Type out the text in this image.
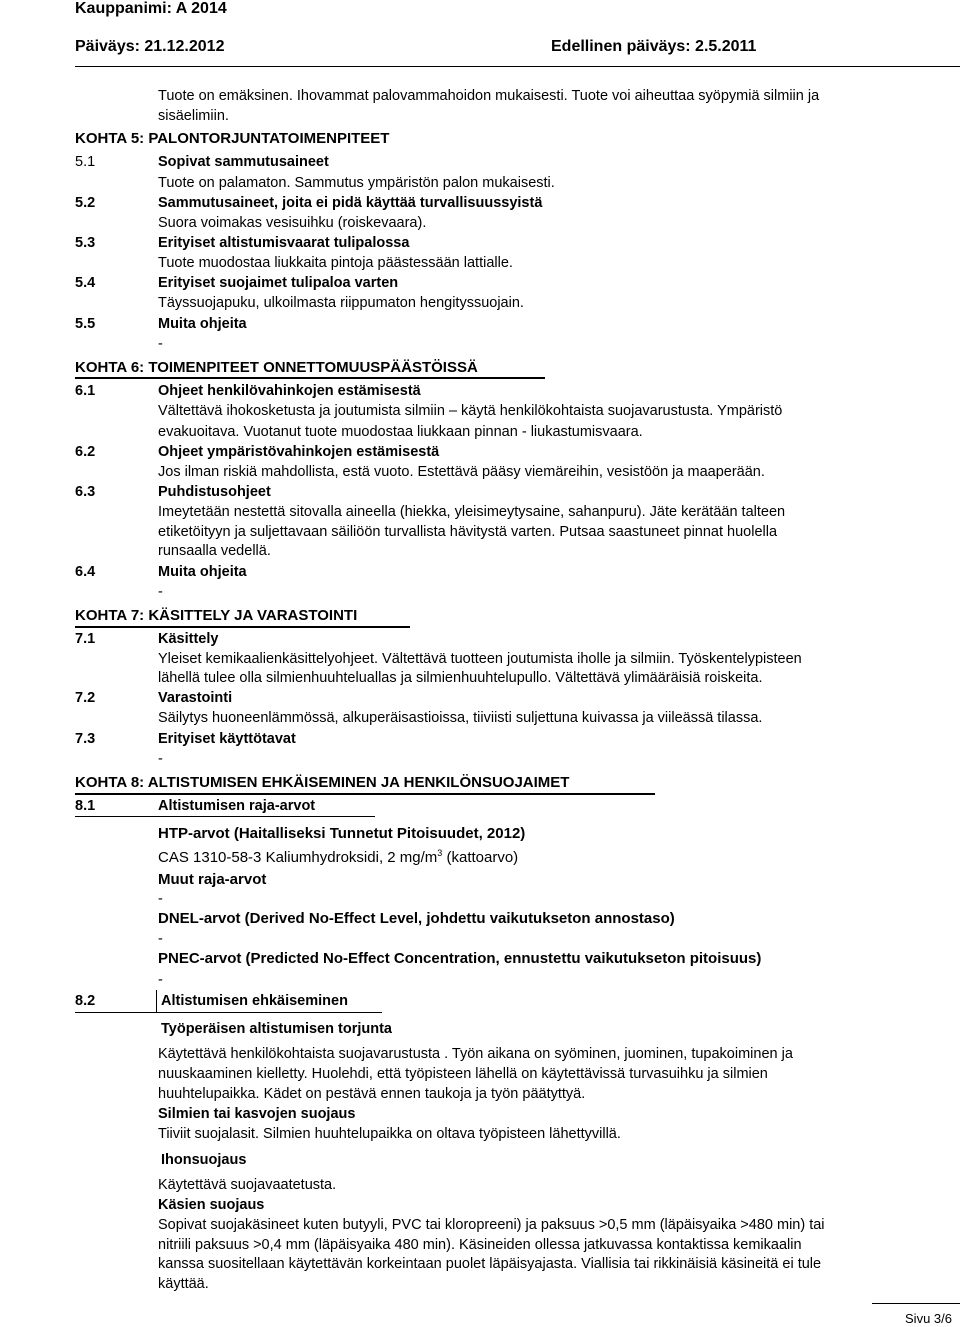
Kauppanimi: A 2014
Päiväys: 21.12.2012	Edellinen päiväys: 2.5.2011
Tuote on emäksinen. Ihovammat palovammahoidon mukaisesti. Tuote voi aiheuttaa syöpymiä silmiin ja
sisäelimiin.
KOHTA 5: PALONTORJUNTATOIMENPITEET
5.1	Sopivat sammutusaineet
Tuote on palamaton. Sammutus ympäristön palon mukaisesti.
5.2	Sammutusaineet, joita ei pidä käyttää turvallisuussyistä
Suora voimakas vesisuihku (roiskevaara).
5.3	Erityiset altistumisvaarat tulipalossa
Tuote muodostaa liukkaita pintoja päästessään lattialle.
5.4	Erityiset suojaimet tulipaloa varten
Täyssuojapuku, ulkoilmasta riippumaton hengityssuojain.
5.5	Muita ohjeita
-
KOHTA 6: TOIMENPITEET ONNETTOMUUSPÄÄSTÖISSÄ
6.1	Ohjeet henkilövahinkojen estämisestä
Vältettävä ihokosketusta ja joutumista silmiin – käytä henkilökohtaista suojavarustusta. Ympäristö
evakuoitava. Vuotanut tuote muodostaa liukkaan pinnan - liukastumisvaara.
6.2	Ohjeet ympäristövahinkojen estämisestä
Jos ilman riskiä mahdollista, estä vuoto. Estettävä pääsy viemäreihin, vesistöön ja maaperään.
6.3	Puhdistusohjeet
Imeytetään nestettä sitovalla aineella (hiekka, yleisimeytysaine, sahanpuru). Jäte kerätään talteen
etiketöityyn ja suljettavaan säiliöön turvallista hävitystä varten. Putsaa saastuneet pinnat huolella
runsaalla vedellä.
6.4	Muita ohjeita
-
KOHTA 7: KÄSITTELY JA VARASTOINTI
7.1	Käsittely
Yleiset kemikaalienkäsittelyohjeet. Vältettävä tuotteen joutumista iholle ja silmiin. Työskentelypisteen
lähellä tulee olla silmienhuuhteluallas ja silmienhuuhtelupullo. Vältettävä ylimääräisiä roiskeita.
7.2	Varastointi
Säilytys huoneenlämmössä, alkuperäisastioissa, tiiviisti suljettuna kuivassa ja viileässä tilassa.
7.3	Erityiset käyttötavat
-
KOHTA 8: ALTISTUMISEN EHKÄISEMINEN JA HENKILÖNSUOJAIMET
8.1	Altistumisen raja-arvot
HTP-arvot (Haitalliseksi Tunnetut Pitoisuudet, 2012)
CAS 1310-58-3 Kaliumhydroksidi, 2 $mg/m^3$ (kattoarvo)
Muut raja-arvot
-
DNEL-arvot (Derived No-Effect Level, johdettu vaikutukseton annostaso)
-
PNEC-arvot (Predicted No-Effect Concentration, ennustettu vaikutukseton pitoisuus)
-
8.2	Altistumisen ehkäiseminen
Työperäisen altistumisen torjunta
Käytettävä henkilökohtaista suojavarustusta . Työn aikana on syöminen, juominen, tupakoiminen ja
nuuskaaminen kielletty. Huolehdi, että työpisteen lähellä on käytettävissä turvasuihku ja silmien
huuhtelupaikka. Kädet on pestävä ennen taukoja ja työn päätyttyä.
Silmien tai kasvojen suojaus
Tiiviit suojalasit. Silmien huuhtelupaikka on oltava työpisteen lähettyvillä.
Ihonsuojaus
Käytettävä suojavaatetusta.
Käsien suojaus
Sopivat suojakäsineet kuten butyyli, PVC tai kloropreeni) ja paksuus >0,5 mm (läpäisyaika >480 min) tai
nitriili paksuus >0,4 mm (läpäisyaika 480 min). Käsineiden ollessa jatkuvassa kontaktissa kemikaalin
kanssa suositellaan käytettävän korkeintaan puolet läpäisyajasta. Viallisia tai rikkinäisiä käsineitä ei tule
käyttää.
Sivu 3/6
